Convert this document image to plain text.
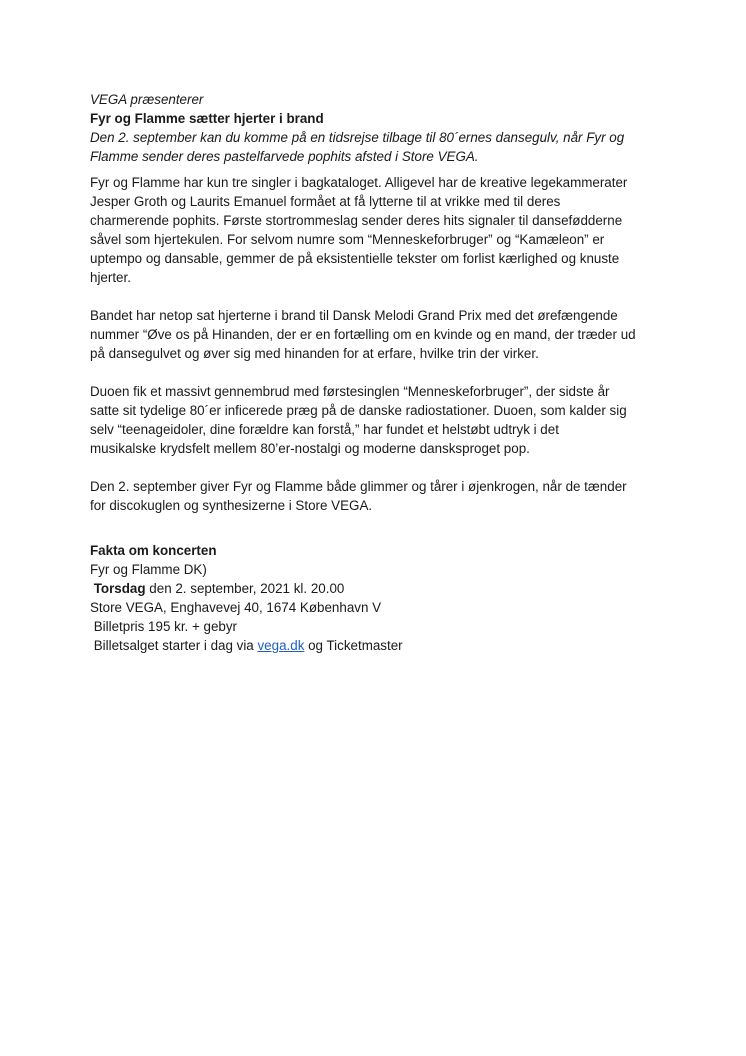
VEGA præsenterer

Fyr og Flamme sætter hjerter i brand

Den 2. september kan du komme på en tidsrejse tilbage til 80´ernes dansegulv, når Fyr og

Flamme sender deres pastelfarvede pophits afsted i Store VEGA.

Fyr og Flamme har kun tre singler i bagkataloget. Alligevel har de kreative legekammerater

Jesper Groth og Laurits Emanuel formået at få lytterne til at vrikke med til deres

charmerende pophits. Første stortrommeslag sender deres hits signaler til dansefødderne

såvel som hjertekulen. For selvom numre som “Menneskeforbruger” og “Kamæleon” er

uptempo og dansable, gemmer de på eksistentielle tekster om forlist kærlighed og knuste

hjerter.

Bandet har netop sat hjerterne i brand til Dansk Melodi Grand Prix med det ørefængende

nummer “Øve os på Hinanden, der er en fortælling om en kvinde og en mand, der træder ud

på dansegulvet og øver sig med hinanden for at erfare, hvilke trin der virker.

Duoen fik et massivt gennembrud med førstesinglen “Menneskeforbruger”, der sidste år

satte sit tydelige 80´er inficerede præg på de danske radiostationer. Duoen, som kalder sig

selv “teenageidoler, dine forældre kan forstå,” har fundet et helstøbt udtryk i det

musikalske krydsfelt mellem 80’er-nostalgi og moderne dansksproget pop.

Den 2. september giver Fyr og Flamme både glimmer og tårer i øjenkrogen, når de tænder

for discokuglen og synthesizerne i Store VEGA.

Fakta om koncerten

Fyr og Flamme DK)

Torsdag den 2. september, 2021 kl. 20.00

Store VEGA, Enghavevej 40, 1674 København V

Billetpris 195 kr. + gebyr

Billetsalget starter i dag via vega.dk og Ticketmaster
